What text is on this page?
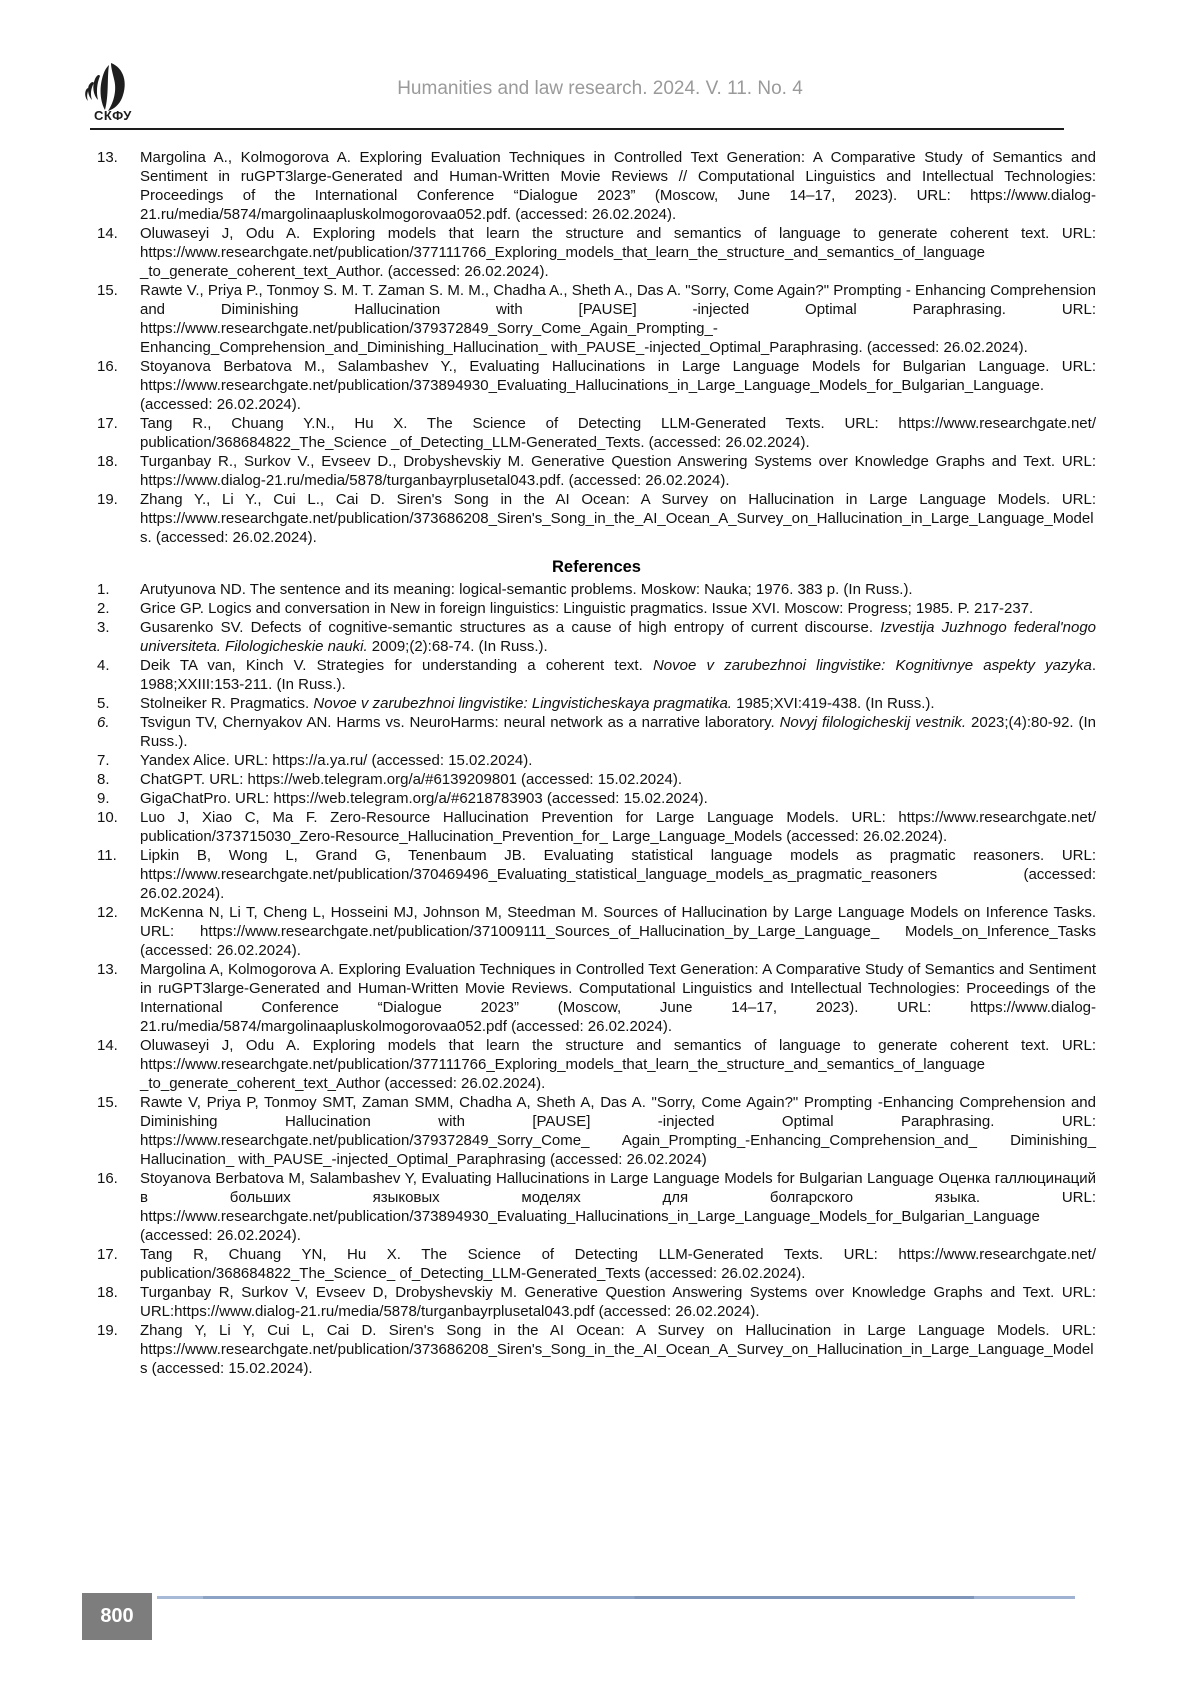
СКФУ
Humanities and law research. 2024. V. 11. No. 4
13. Margolina A., Kolmogorova A. Exploring Evaluation Techniques in Controlled Text Generation: A Comparative Study of Semantics and Sentiment in ruGPT3large-Generated and Human-Written Movie Reviews // Computational Linguistics and Intellectual Technologies: Proceedings of the International Conference “Dialogue 2023” (Moscow, June 14–17, 2023). URL: https://www.dialog-21.ru/media/5874/margolinaapluskolmogorovaa052.pdf. (accessed: 26.02.2024).
14. Oluwaseyi J, Odu A. Exploring models that learn the structure and semantics of language to generate coherent text. URL: https://www.researchgate.net/publication/377111766_Exploring_models_that_learn_the_structure_and_semantics_of_language _to_generate_coherent_text_Author. (accessed: 26.02.2024).
15. Rawte V., Priya P., Tonmoy S. M. T. Zaman S. M. M., Chadha A., Sheth A., Das A. "Sorry, Come Again?" Prompting - Enhancing Comprehension and Diminishing Hallucination with [PAUSE] -injected Optimal Paraphrasing. URL: https://www.researchgate.net/publication/379372849_Sorry_Come_Again_Prompting_- Enhancing_Comprehension_and_Diminishing_Hallucination_ with_PAUSE_-injected_Optimal_Paraphrasing. (accessed: 26.02.2024).
16. Stoyanova Berbatova M., Salambashev Y., Evaluating Hallucinations in Large Language Models for Bulgarian Language. URL: https://www.researchgate.net/publication/373894930_Evaluating_Hallucinations_in_Large_Language_Models_for_Bulgarian_Language. (accessed: 26.02.2024).
17. Tang R., Chuang Y.N., Hu X. The Science of Detecting LLM-Generated Texts. URL: https://www.researchgate.net/ publication/368684822_The_Science _of_Detecting_LLM-Generated_Texts. (accessed: 26.02.2024).
18. Turganbay R., Surkov V., Evseev D., Drobyshevskiy M. Generative Question Answering Systems over Knowledge Graphs and Text. URL: https://www.dialog-21.ru/media/5878/turganbayrplusetal043.pdf. (accessed: 26.02.2024).
19. Zhang Y., Li Y., Cui L., Cai D. Siren's Song in the AI Ocean: A Survey on Hallucination in Large Language Models. URL: https://www.researchgate.net/publication/373686208_Siren's_Song_in_the_AI_Ocean_A_Survey_on_Hallucination_in_Large_Language_Models. (accessed: 26.02.2024).
References
1. Arutyunova ND. The sentence and its meaning: logical-semantic problems. Moskow: Nauka; 1976. 383 p. (In Russ.).
2. Grice GP. Logics and conversation in New in foreign linguistics: Linguistic pragmatics. Issue XVI. Moscow: Progress; 1985. P. 217-237.
3. Gusarenko SV. Defects of cognitive-semantic structures as a cause of high entropy of current discourse. Izvestija Juzhnogo federal'nogo universiteta. Filologicheskie nauki. 2009;(2):68-74. (In Russ.).
4. Deik TA van, Kinch V. Strategies for understanding a coherent text. Novoe v zarubezhnoi lingvistike: Kognitivnye aspekty yazyka. 1988;XXIII:153-211. (In Russ.).
5. Stolneiker R. Pragmatics. Novoe v zarubezhnoi lingvistike: Lingvisticheskaya pragmatika. 1985;XVI:419-438. (In Russ.).
6. Tsvigun TV, Chernyakov AN. Harms vs. NeuroHarms: neural network as a narrative laboratory. Novyj filologicheskij vestnik. 2023;(4):80-92. (In Russ.).
7. Yandex Alice. URL: https://a.ya.ru/ (accessed: 15.02.2024).
8. ChatGPT. URL: https://web.telegram.org/a/#6139209801 (accessed: 15.02.2024).
9. GigaChatPro. URL: https://web.telegram.org/a/#6218783903 (accessed: 15.02.2024).
10. Luo J, Xiao C, Ma F. Zero-Resource Hallucination Prevention for Large Language Models. URL: https://www.researchgate.net/ publication/373715030_Zero-Resource_Hallucination_Prevention_for_ Large_Language_Models (accessed: 26.02.2024).
11. Lipkin B, Wong L, Grand G, Tenenbaum JB. Evaluating statistical language models as pragmatic reasoners. URL: https://www.researchgate.net/publication/370469496_Evaluating_statistical_language_models_as_pragmatic_reasoners (accessed: 26.02.2024).
12. McKenna N, Li T, Cheng L, Hosseini MJ, Johnson M, Steedman M. Sources of Hallucination by Large Language Models on Inference Tasks. URL: https://www.researchgate.net/publication/371009111_Sources_of_Hallucination_by_Large_Language_ Models_on_Inference_Tasks (accessed: 26.02.2024).
13. Margolina A, Kolmogorova A. Exploring Evaluation Techniques in Controlled Text Generation: A Comparative Study of Semantics and Sentiment in ruGPT3large-Generated and Human-Written Movie Reviews. Computational Linguistics and Intellectual Technologies: Proceedings of the International Conference “Dialogue 2023” (Moscow, June 14–17, 2023). URL: https://www.dialog-21.ru/media/5874/margolinaapluskolmogorovaa052.pdf (accessed: 26.02.2024).
14. Oluwaseyi J, Odu A. Exploring models that learn the structure and semantics of language to generate coherent text. URL: https://www.researchgate.net/publication/377111766_Exploring_models_that_learn_the_structure_and_semantics_of_language _to_generate_coherent_text_Author (accessed: 26.02.2024).
15. Rawte V, Priya P, Tonmoy SMT, Zaman SMM, Chadha A, Sheth A, Das A. "Sorry, Come Again?" Prompting -Enhancing Comprehension and Diminishing Hallucination with [PAUSE] -injected Optimal Paraphrasing. URL: https://www.researchgate.net/publication/379372849_Sorry_Come_ Again_Prompting_-Enhancing_Comprehension_and_ Diminishing_ Hallucination_ with_PAUSE_-injected_Optimal_Paraphrasing (accessed: 26.02.2024)
16. Stoyanova Berbatova M, Salambashev Y, Evaluating Hallucinations in Large Language Models for Bulgarian Language Оценка галлюцинаций в больших языковых моделях для болгарского языка. URL: https://www.researchgate.net/publication/373894930_Evaluating_Hallucinations_in_Large_Language_Models_for_Bulgarian_Language (accessed: 26.02.2024).
17. Tang R, Chuang YN, Hu X. The Science of Detecting LLM-Generated Texts. URL: https://www.researchgate.net/ publication/368684822_The_Science_ of_Detecting_LLM-Generated_Texts (accessed: 26.02.2024).
18. Turganbay R, Surkov V, Evseev D, Drobyshevskiy M. Generative Question Answering Systems over Knowledge Graphs and Text. URL: URL:https://www.dialog-21.ru/media/5878/turganbayrplusetal043.pdf (accessed: 26.02.2024).
19. Zhang Y, Li Y, Cui L, Cai D. Siren's Song in the AI Ocean: A Survey on Hallucination in Large Language Models. URL: https://www.researchgate.net/publication/373686208_Siren's_Song_in_the_AI_Ocean_A_Survey_on_Hallucination_in_Large_Language_Models (accessed: 15.02.2024).
800
